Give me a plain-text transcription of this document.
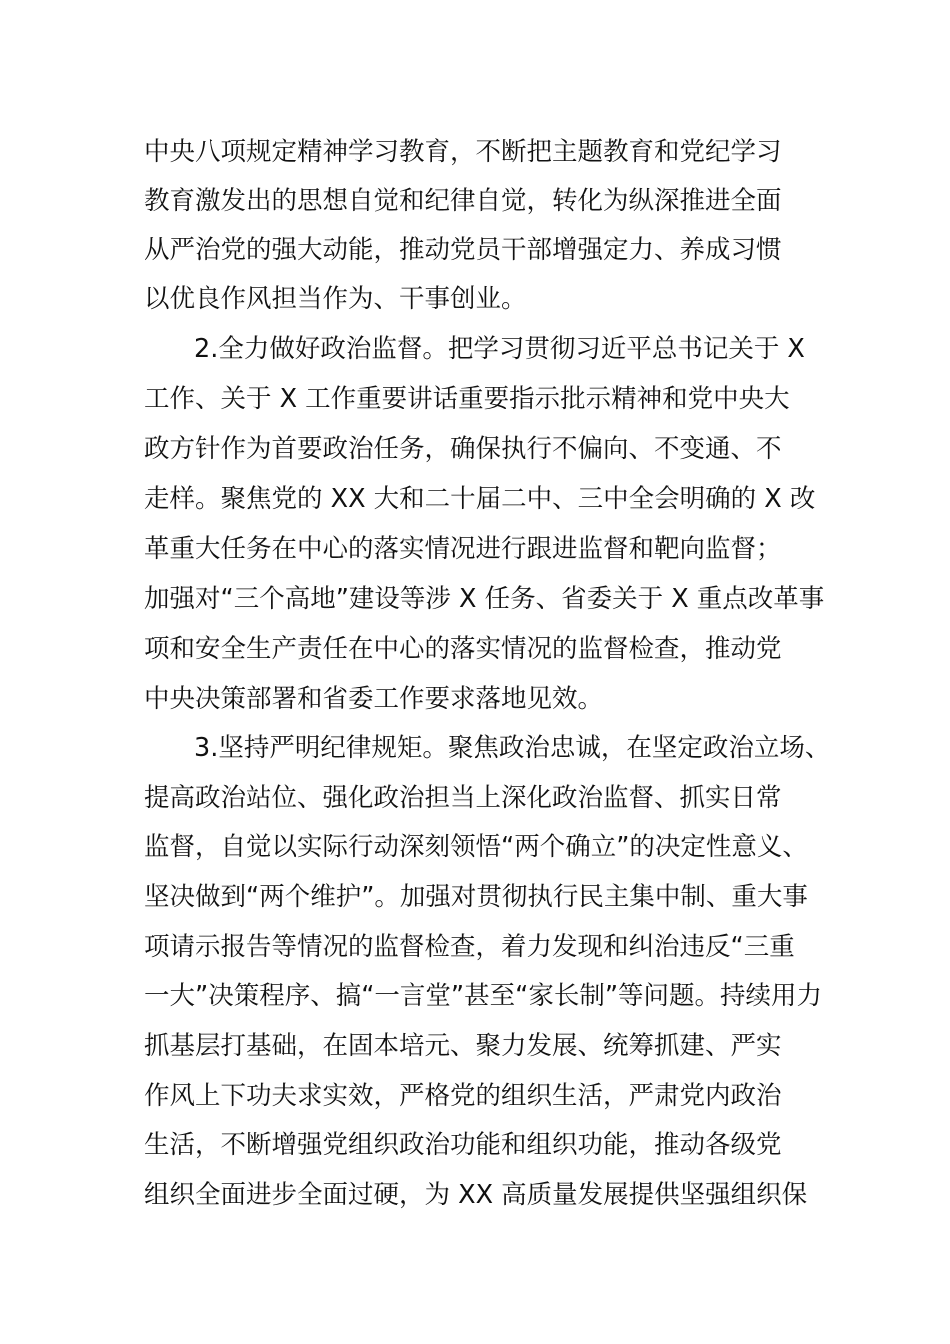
中央八项规定精神学习教育，不断把主题教育和党纪学习
教育激发出的思想自觉和纪律自觉，转化为纵深推进全面
从严治党的强大动能，推动党员干部增强定力、养成习惯
以优良作风担当作为、干事创业。
2.全力做好政治监督。把学习贯彻习近平总书记关于 X
工作、关于 X 工作重要讲话重要指示批示精神和党中央大
政方针作为首要政治任务，确保执行不偏向、不变通、不
走样。聚焦党的 XX 大和二十届二中、三中全会明确的 X 改
革重大任务在中心的落实情况进行跟进监督和靶向监督；
加强对“三个高地”建设等涉 X 任务、省委关于 X 重点改革事
项和安全生产责任在中心的落实情况的监督检查，推动党
中央决策部署和省委工作要求落地见效。
3.坚持严明纪律规矩。聚焦政治忠诚，在坚定政治立场、
提高政治站位、强化政治担当上深化政治监督、抓实日常
监督，自觉以实际行动深刻领悟“两个确立”的决定性意义、
坚决做到“两个维护”。加强对贯彻执行民主集中制、重大事
项请示报告等情况的监督检查，着力发现和纠治违反“三重
一大”决策程序、搞“一言堂”甚至“家长制”等问题。持续用力
抓基层打基础，在固本培元、聚力发展、统筹抓建、严实
作风上下功夫求实效，严格党的组织生活，严肃党内政治
生活，不断增强党组织政治功能和组织功能，推动各级党
组织全面进步全面过硬，为 XX 高质量发展提供坚强组织保
